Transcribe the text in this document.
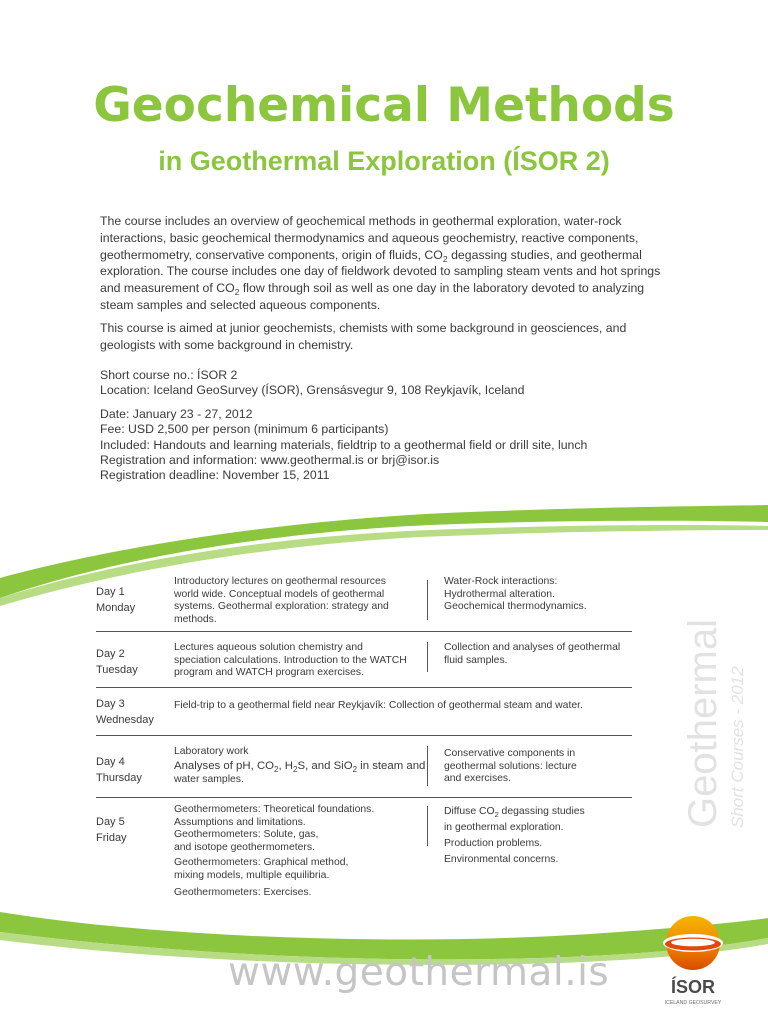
Geochemical Methods
in Geothermal Exploration (ÍSOR 2)

The course includes an overview of geochemical methods in geothermal exploration, water-rock interactions, basic geochemical thermodynamics and aqueous geochemistry, reactive components, geothermometry, conservative components, origin of fluids, $CO_2$ degassing studies, and geothermal exploration. The course includes one day of fieldwork devoted to sampling steam vents and hot springs and measurement of $CO_2$ flow through soil as well as one day in the laboratory devoted to analyzing steam samples and selected aqueous components.

This course is aimed at junior geochemists, chemists with some background in geosciences, and geologists with some background in chemistry.

Short course no.: ÍSOR 2
Location: Iceland GeoSurvey (ÍSOR), Grensásvegur 9, 108 Reykjavík, Iceland
Date: January 23 - 27, 2012
Fee: USD 2,500 per person (minimum 6 participants)
Included: Handouts and learning materials, fieldtrip to a geothermal field or drill site, lunch
Registration and information: www.geothermal.is or brj@isor.is
Registration deadline: November 15, 2011
Day 1
Monday
Introductory lectures on geothermal resources
world wide. Conceptual models of geothermal
systems. Geothermal exploration: strategy and
methods.
Water-Rock interactions:
Hydrothermal alteration.
Geochemical thermodynamics.
Day 2
Tuesday
Lectures aqueous solution chemistry and
speciation calculations. Introduction to the WATCH
program and WATCH program exercises.
Collection and analyses of geothermal
fluid samples.
Day 3
Wednesday
Field-trip to a geothermal field near Reykjavík: Collection of geothermal steam and water.
Day 4
Thursday
Laboratory work
Analyses of pH, $CO_2$, $H_2S$, and SiO$_2$ in steam and
water samples.
Conservative components in
geothermal solutions: lecture
and exercises.
Day 5
Friday
Geothermometers: Theoretical foundations.
Assumptions and limitations.
Geothermometers: Solute, gas,
and isotope geothermometers.
Geothermometers: Graphical method,
mixing models, multiple equilibria.
Geothermometers: Exercises.
Diffuse $CO_2$ degassing studies
in geothermal exploration.
Production problems.
Environmental concerns.
Geothermal Short Courses - 2012
www.geothermal.is	ÍSOR
ICELAND GEOSURVEY
